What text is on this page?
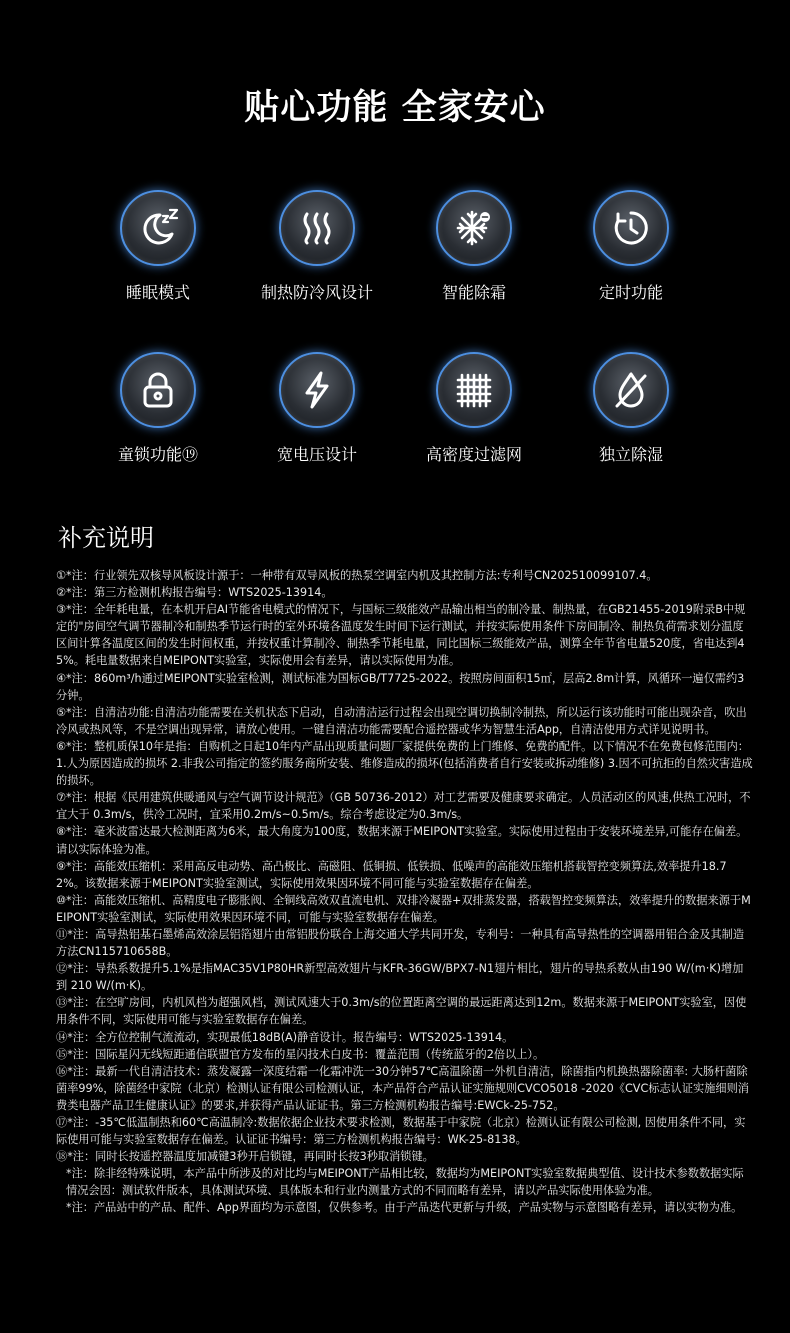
贴心功能 全家安心
睡眠模式	制热防冷风设计	智能除霜	定时功能
童锁功能⑲	宽电压设计	高密度过滤网	独立除湿
补充说明

①*注：行业领先双核导风板设计源于：一种带有双导风板的热泵空调室内机及其控制方法:专利号CN202510099107.4。

②*注：第三方检测机构报告编号：WTS2025-13914。

③*注：全年耗电量，在本机开启AI节能省电模式的情况下，与国标三级能效产品输出相当的制冷量、制热量，在GB21455-2019附录B中规定的"房间空气调节器制冷和制热季节运行时的室外环境各温度发生时间下运行测试，并按实际使用条件下房间制冷、制热负荷需求划分温度区间计算各温度区间的发生时间权重，并按权重计算制冷、制热季节耗电量，同比国标三级能效产品，测算全年节省电量520度，省电达到45%。耗电量数据来自MEIPONT实验室，实际使用会有差异，请以实际使用为准。

④*注：860m³/h通过MEIPONT实验室检测，测试标准为国标GB/T7725-2022。按照房间面积15㎡，层高2.8m计算，风循环一遍仅需约3分钟。

⑤*注：自清洁功能:自清洁功能需要在关机状态下启动，自动清洁运行过程会出现空调切换制冷制热，所以运行该功能时可能出现杂音，吹出冷风或热风等，不是空调出现异常，请放心使用。一键自清洁功能需要配合遥控器或华为智慧生活App，自清洁使用方式详见说明书。

⑥*注：整机质保10年是指：自购机之日起10年内产品出现质量问题厂家提供免费的上门维修、免费的配件。以下情况不在免费包修范围内：1.人为原因造成的损坏 2.非我公司指定的签约服务商所安装、维修造成的损坏(包括消费者自行安装或拆动维修) 3.因不可抗拒的自然灾害造成的损坏。

⑦*注：根据《民用建筑供暖通风与空气调节设计规范》（GB 50736-2012）对工艺需要及健康要求确定。人员活动区的风速,供热工况时，不宜大于 0.3m/s，供冷工况时，宜采用0.2m/s~0.5m/s。综合考虑设定为0.3m/s。

⑧*注：毫米波雷达最大检测距离为6米，最大角度为100度，数据来源于MEIPONT实验室。实际使用过程由于安装环境差异,可能存在偏差。请以实际体验为准。

⑨*注：高能效压缩机：采用高反电动势、高凸极比、高磁阻、低铜损、低铁损、低噪声的高能效压缩机搭载智控变频算法,效率提升18.72%。该数据来源于MEIPONT实验室测试，实际使用效果因环境不同可能与实验室数据存在偏差。

⑩*注：高能效压缩机、高精度电子膨胀阀、全铜线高效双直流电机、双排冷凝器+双排蒸发器，搭载智控变频算法，效率提升的数据来源于MEIPONT实验室测试，实际使用效果因环境不同，可能与实验室数据存在偏差。

⑪*注：高导热铝基石墨烯高效涂层铝箔翅片由常铝股份联合上海交通大学共同开发，专利号：一种具有高导热性的空调器用铝合金及其制造方法CN115710658B。

⑫*注：导热系数提升5.1%是指MAC35V1P80HR新型高效翅片与KFR-36GW/BPX7-N1翅片相比，翅片的导热系数从由190 W/(m·K)增加到 210 W/(m·K)。

⑬*注：在空旷房间，内机风档为超强风档，测试风速大于0.3m/s的位置距离空调的最远距离达到12m。数据来源于MEIPONT实验室，因使用条件不同，实际使用可能与实验室数据存在偏差。

⑭*注：全方位控制气流流动，实现最低18dB(A)静音设计。报告编号：WTS2025-13914。

⑮*注：国际星闪无线短距通信联盟官方发布的星闪技术白皮书：覆盖范围（传统蓝牙的2倍以上）。

⑯*注：最新一代自清洁技术：蒸发凝露一深度结霜一化霜冲洗一30分钟57℃高温除菌一外机自清洁，除菌指内机换热器除菌率: 大肠杆菌除菌率99%，除菌经中家院（北京）检测认证有限公司检测认证，本产品符合产品认证实施规则CVCO5018 -2020《CVC标志认证实施细则消费类电器产品卫生健康认证》的要求,并获得产品认证证书。第三方检测机构报告编号:EWCk-25-752。

⑰*注：-35℃低温制热和60℃高温制冷:数据依据企业技术要求检测，数据基于中家院（北京）检测认证有限公司检测, 因使用条件不同，实际使用可能与实验室数据存在偏差。认证证书编号：第三方检测机构报告编号：WK-25-8138。

⑱*注：同时长按遥控器温度加减键3秒开启锁键，再同时长按3秒取消锁键。

*注：除非经特殊说明，本产品中所涉及的对比均与MEIPONT产品相比较，数据均为MEIPONT实验室数据典型值、设计技术参数数据实际情况会因：测试软件版本，具体测试环境、具体版本和行业内测量方式的不同而略有差异，请以产品实际使用体验为准。

*注：产品站中的产品、配件、App界面均为示意图，仅供参考。由于产品迭代更新与升级，产品实物与示意图略有差异，请以实物为准。
